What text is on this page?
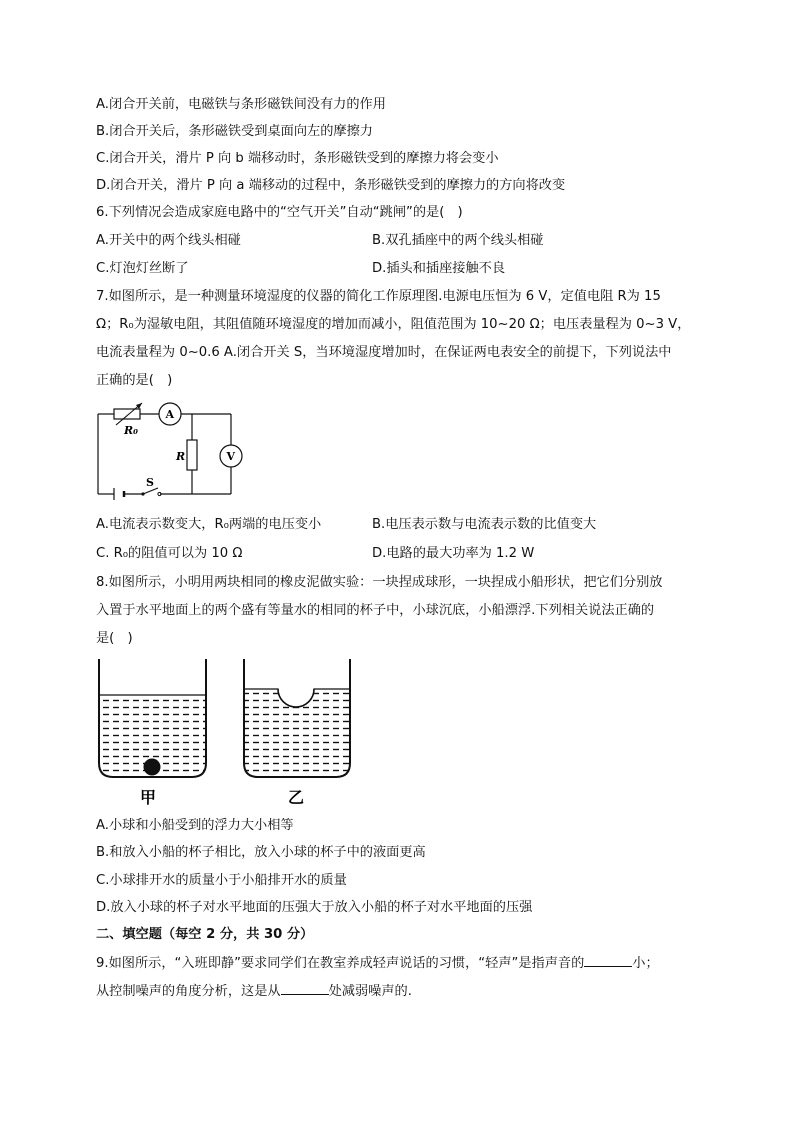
A.闭合开关前，电磁铁与条形磁铁间没有力的作用
B.闭合开关后，条形磁铁受到桌面向左的摩擦力
C.闭合开关，滑片 P 向 b 端移动时，条形磁铁受到的摩擦力将会变小
D.闭合开关，滑片 P 向 a 端移动的过程中，条形磁铁受到的摩擦力的方向将改变
6.下列情况会造成家庭电路中的“空气开关”自动“跳闸”的是(　)
A.开关中的两个线头相碰	B.双孔插座中的两个线头相碰
C.灯泡灯丝断了	D.插头和插座接触不良
7.如图所示，是一种测量环境湿度的仪器的简化工作原理图.电源电压恒为 6 V，定值电阻 R为 15
Ω；R₀为湿敏电阻，其阻值随环境湿度的增加而减小，阻值范围为 10~20 Ω；电压表量程为 0~3 V，
电流表量程为 0~0.6 A.闭合开关 S，当环境湿度增加时，在保证两电表安全的前提下，下列说法中
正确的是(　)
R₀
A
R	V
S
A.电流表示数变大，R₀两端的电压变小	B.电压表示数与电流表示数的比值变大
C. R₀的阻值可以为 10 Ω	D.电路的最大功率为 1.2 W
8.如图所示，小明用两块相同的橡皮泥做实验：一块捏成球形，一块捏成小船形状，把它们分别放
入置于水平地面上的两个盛有等量水的相同的杯子中，小球沉底，小船漂浮.下列相关说法正确的
是(　)
甲	乙
A.小球和小船受到的浮力大小相等
B.和放入小船的杯子相比，放入小球的杯子中的液面更高
C.小球排开水的质量小于小船排开水的质量
D.放入小球的杯子对水平地面的压强大于放入小船的杯子对水平地面的压强
二、填空题（每空 2 分，共 30 分）
9.如图所示，“入班即静”要求同学们在教室养成轻声说话的习惯，“轻声”是指声音的	小；
从控制噪声的角度分析，这是从	处减弱噪声的.
